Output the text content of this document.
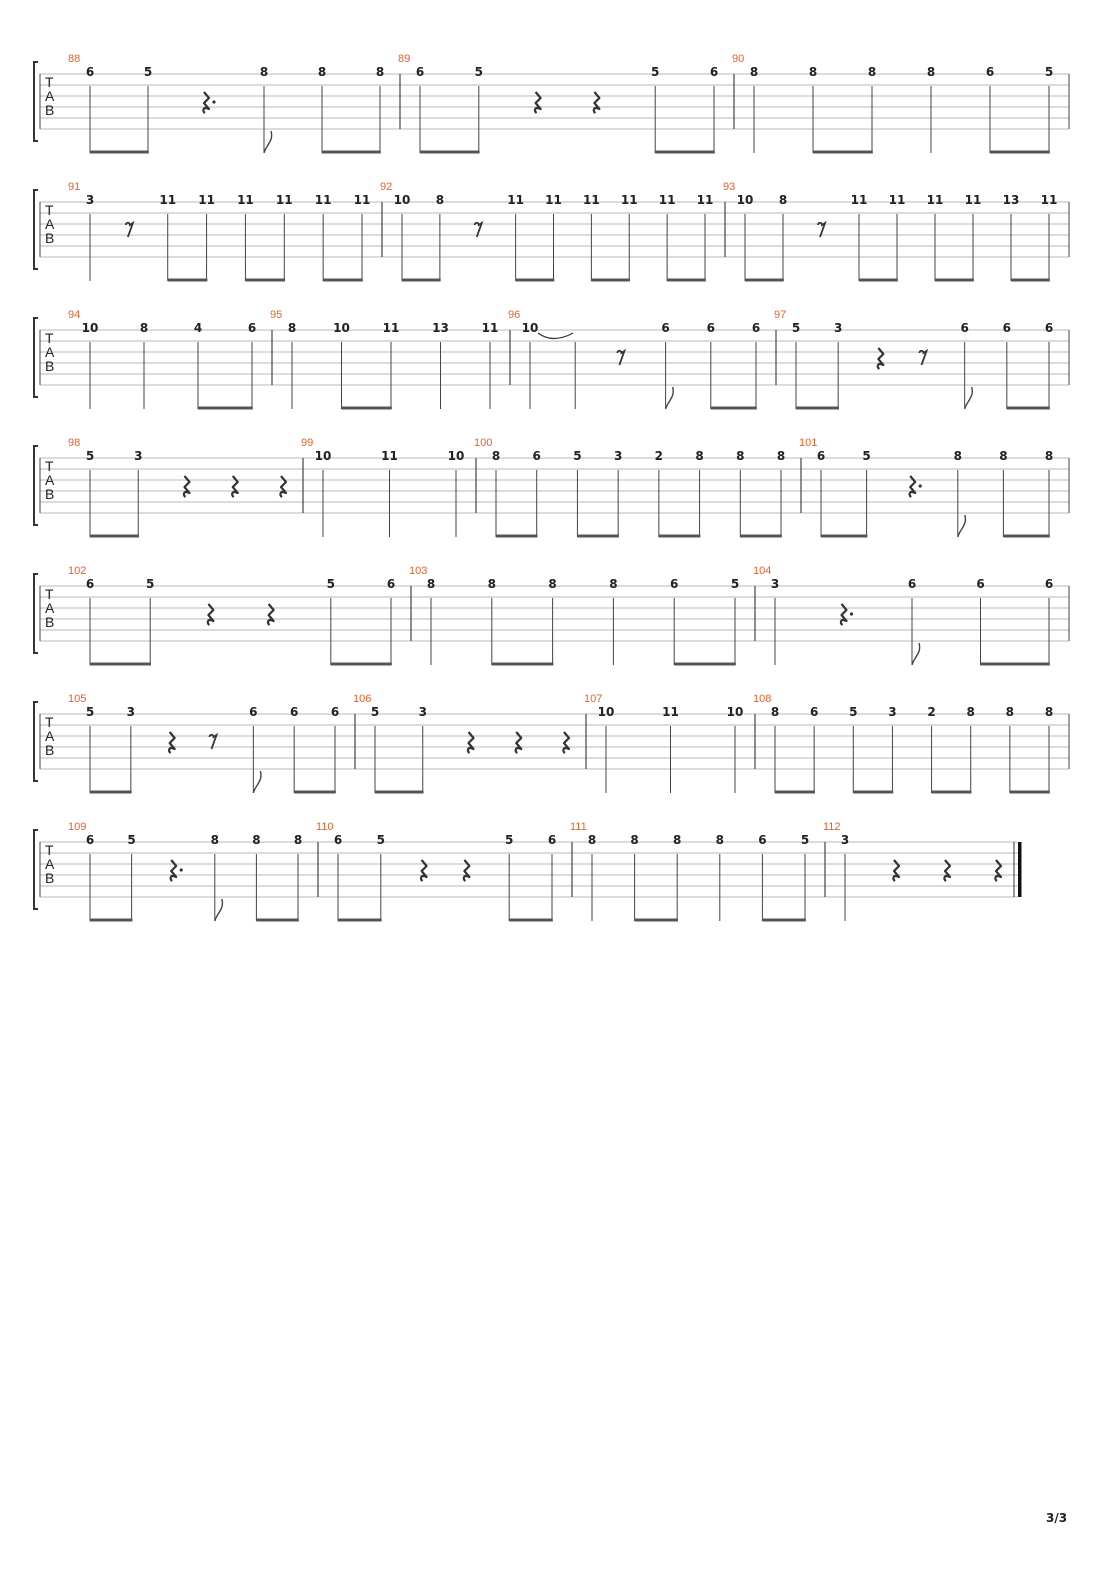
T
A
B
88
6	5	8	8	8
89
6	5	5	6
90
8	8	8	8	6	5
T
A
B
91
3	11 11 11 11 11 11
92
10 8	11 11 11 11 11 11
93
10 8	11 11 11 11 13 11
T
A
B
94
10	8	4	6
95
8	10	11	13	11
96
10	6	6	6
97
5	3	6	6	6
T
A
B
98
5	3
99
10	11	10
100
8	6	5	3	2	8	8	8
101
6	5	8	8	8
T
A
B
102
6	5	5	6
103
8	8	8	8	6	5
104
3	6	6	6
T
A
B
105
5	3	6	6	6
106
5	3
107
10	11	10
108
8	6	5	3	2	8	8	8
T
A
B
109
6	5	8	8	8
110
6	5	5	6
111
8	8	8	8	6	5
112
3
3/3
